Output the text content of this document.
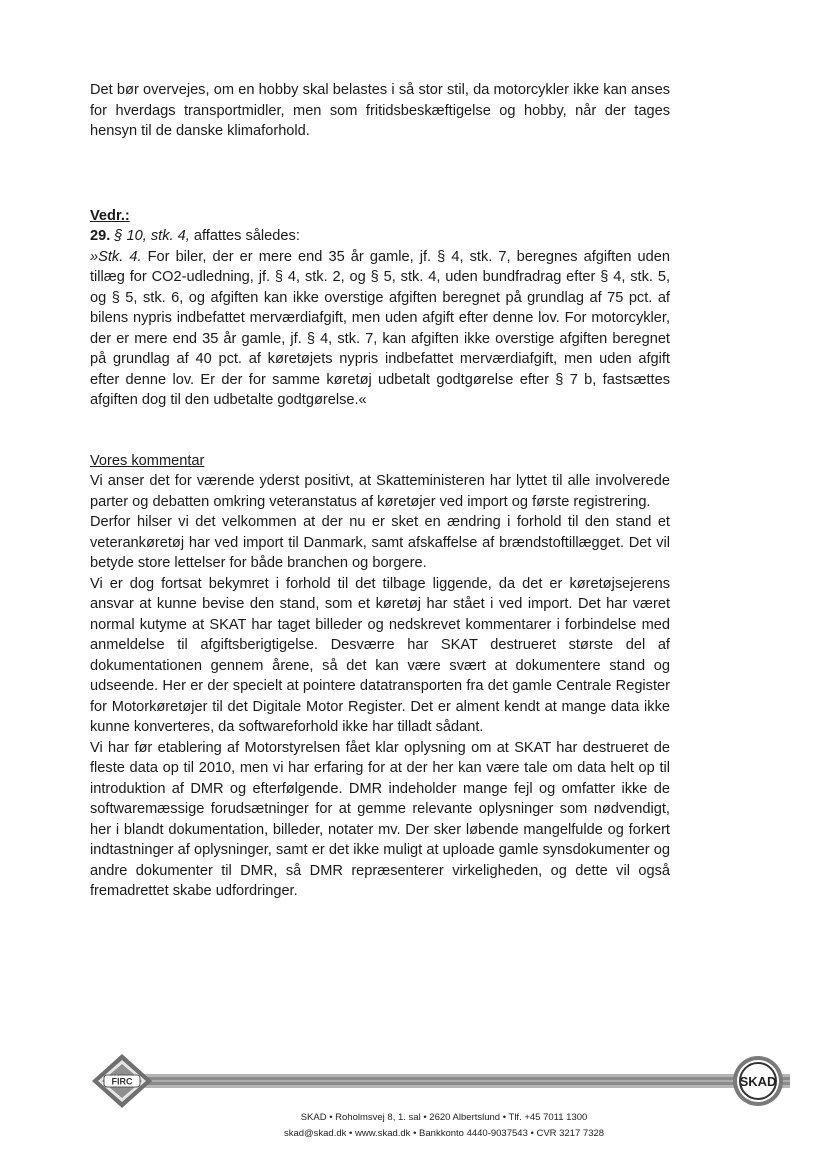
Det bør overvejes, om en hobby skal belastes i så stor stil, da motorcykler ikke kan anses for hverdags transportmidler, men som fritidsbeskæftigelse og hobby, når der tages hensyn til de danske klimaforhold.

Vedr.:

29. § 10, stk. 4, affattes således:

»Stk. 4. For biler, der er mere end 35 år gamle, jf. § 4, stk. 7, beregnes afgiften uden tillæg for CO2-udledning, jf. § 4, stk. 2, og § 5, stk. 4, uden bundfradrag efter § 4, stk. 5, og § 5, stk. 6, og afgiften kan ikke overstige afgiften beregnet på grundlag af 75 pct. af bilens nypris indbefattet merværdiafgift, men uden afgift efter denne lov. For motorcykler, der er mere end 35 år gamle, jf. § 4, stk. 7, kan afgiften ikke overstige afgiften beregnet på grundlag af 40 pct. af køretøjets nypris indbefattet merværdiafgift, men uden afgift efter denne lov. Er der for samme køretøj udbetalt godtgørelse efter § 7 b, fastsættes afgiften dog til den udbetalte godtgørelse.«

Vores kommentar

Vi anser det for værende yderst positivt, at Skatteministeren har lyttet til alle involverede parter og debatten omkring veteranstatus af køretøjer ved import og første registrering.

Derfor hilser vi det velkommen at der nu er sket en ændring i forhold til den stand et veterankøretøj har ved import til Danmark, samt afskaffelse af brændstoftillægget. Det vil betyde store lettelser for både branchen og borgere.

Vi er dog fortsat bekymret i forhold til det tilbage liggende, da det er køretøjsejerens ansvar at kunne bevise den stand, som et køretøj har stået i ved import. Det har været normal kutyme at SKAT har taget billeder og nedskrevet kommentarer i forbindelse med anmeldelse til afgiftsberigtigelse. Desværre har SKAT destrueret største del af dokumentationen gennem årene, så det kan være svært at dokumentere stand og udseende. Her er der specielt at pointere datatransporten fra det gamle Centrale Register for Motorkøretøjer til det Digitale Motor Register. Det er alment kendt at mange data ikke kunne konverteres, da softwareforhold ikke har tilladt sådant.

Vi har før etablering af Motorstyrelsen fået klar oplysning om at SKAT har destrueret de fleste data op til 2010, men vi har erfaring for at der her kan være tale om data helt op til introduktion af DMR og efterfølgende. DMR indeholder mange fejl og omfatter ikke de softwaremæssige forudsætninger for at gemme relevante oplysninger som nødvendigt, her i blandt dokumentation, billeder, notater mv. Der sker løbende mangelfulde og forkert indtastninger af oplysninger, samt er det ikke muligt at uploade gamle synsdokumenter og andre dokumenter til DMR, så DMR repræsenterer virkeligheden, og dette vil også fremadrettet skabe udfordringer.

FIRC	SKAD
SKAD • Roholmsvej 8, 1. sal • 2620 Albertslund • Tlf. +45 7011 1300
skad@skad.dk • www.skad.dk • Bankkonto 4440-9037543 • CVR 3217 7328
